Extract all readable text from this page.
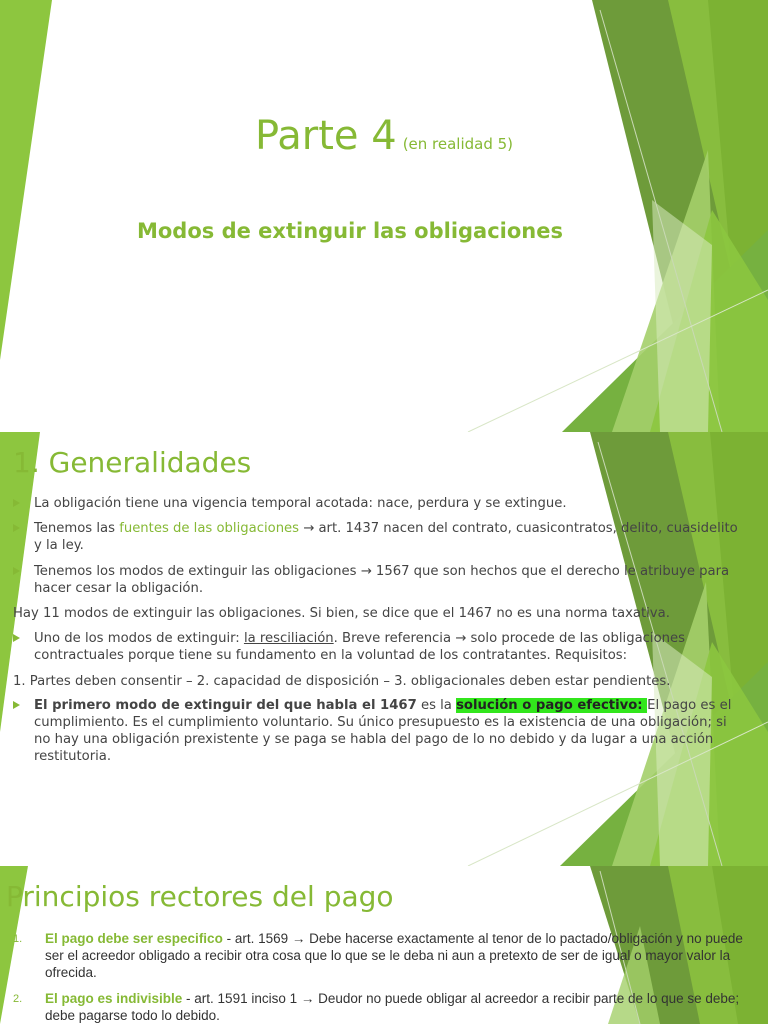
Parte 4 (en realidad 5)
Modos de extinguir las obligaciones
1. Generalidades
La obligación tiene una vigencia temporal acotada: nace, perdura y se extingue.
Tenemos las fuentes de las obligaciones → art. 1437 nacen del contrato, cuasicontratos, delito, cuasidelito y la ley.
Tenemos los modos de extinguir las obligaciones → 1567 que son hechos que el derecho le atribuye para hacer cesar la obligación.
Hay 11 modos de extinguir las obligaciones. Si bien, se dice que el 1467 no es una norma taxativa.
Uno de los modos de extinguir: la resciliación. Breve referencia → solo procede de las obligaciones contractuales porque tiene su fundamento en la voluntad de los contratantes. Requisitos:
1. Partes deben consentir – 2. capacidad de disposición – 3. obligacionales deben estar pendientes.
El primero modo de extinguir del que habla el 1467 es la solución o pago efectivo: El pago es el cumplimiento. Es el cumplimiento voluntario. Su único presupuesto es la existencia de una obligación; si no hay una obligación prexistente y se paga se habla del pago de lo no debido y da lugar a una acción restitutoria.
Principios rectores del pago
1.	El pago debe ser especifico - art. 1569 → Debe hacerse exactamente al tenor de lo pactado/obligación y no puede ser el acreedor obligado a recibir otra cosa que lo que se le deba ni aun a pretexto de ser de igual o mayor valor la ofrecida.
2.	El pago es indivisible - art. 1591 inciso 1 → Deudor no puede obligar al acreedor a recibir parte de lo que se debe; debe pagarse todo lo debido.
